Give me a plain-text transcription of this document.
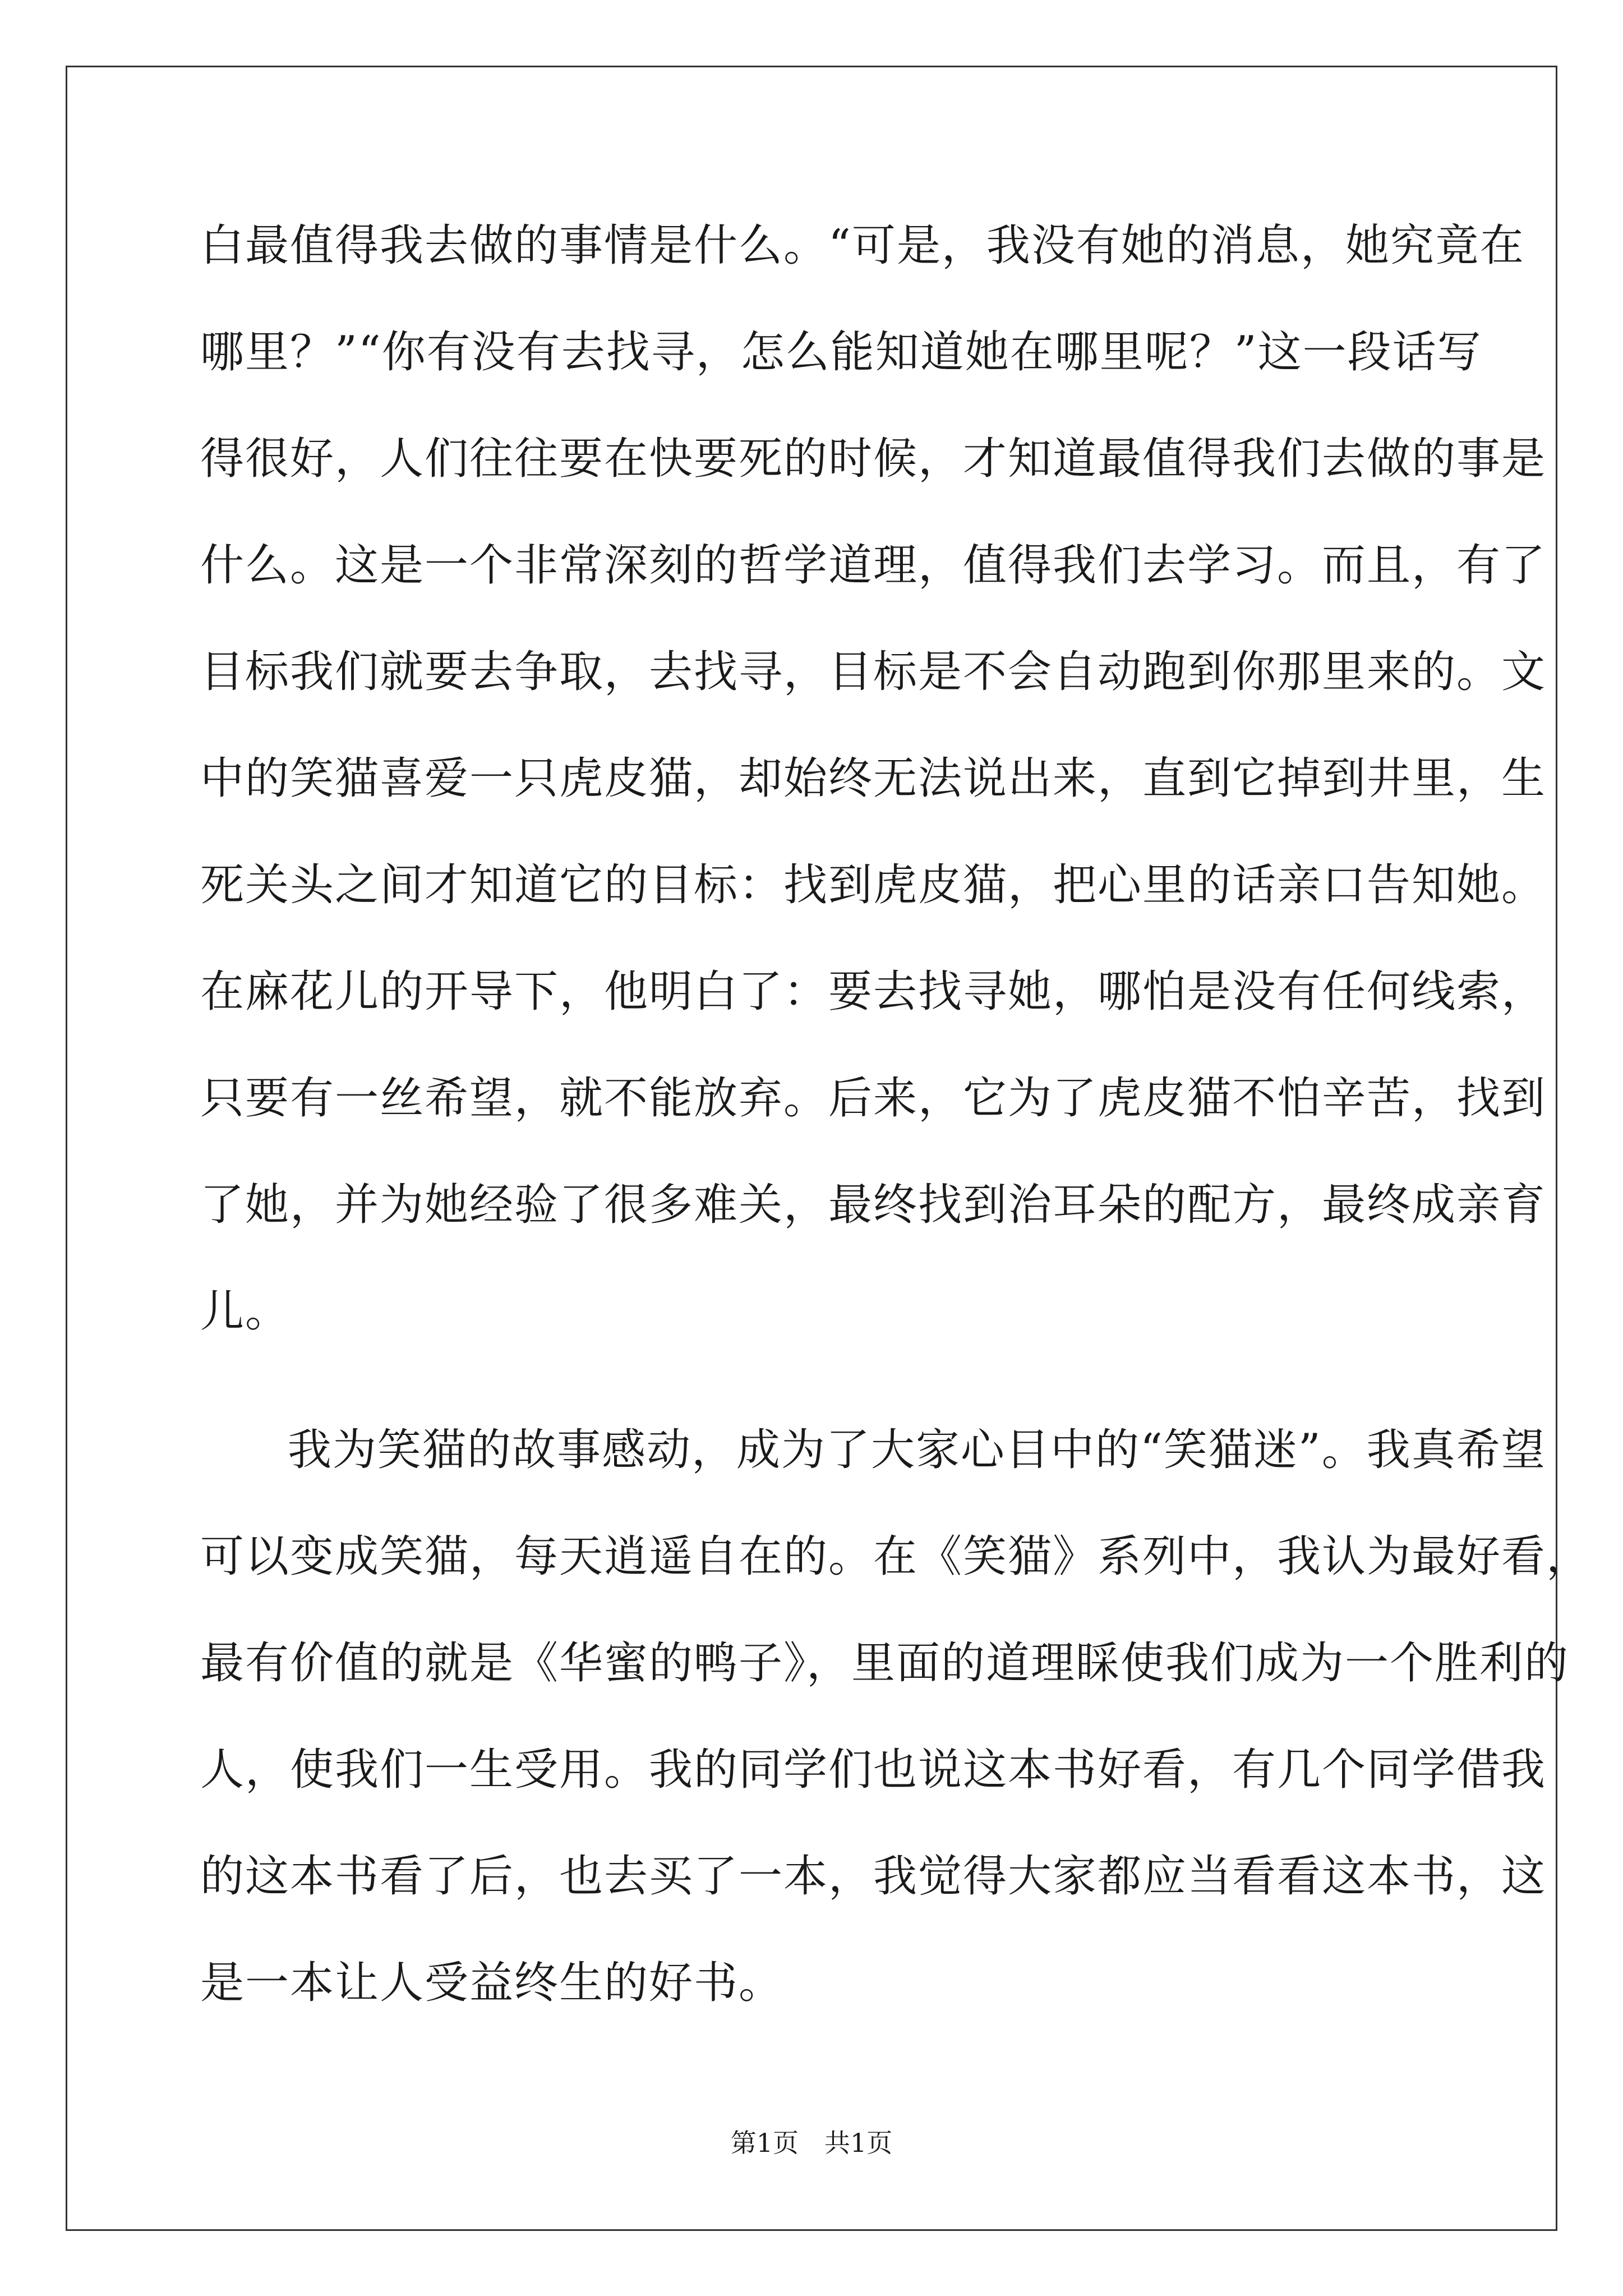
白最值得我去做的事情是什么。“可是，我没有她的消息，她究竟在
哪里？”“你有没有去找寻，怎么能知道她在哪里呢？”这一段话写
得很好，人们往往要在快要死的时候，才知道最值得我们去做的事是
什么。这是一个非常深刻的哲学道理，值得我们去学习。而且，有了
目标我们就要去争取，去找寻，目标是不会自动跑到你那里来的。文
中的笑猫喜爱一只虎皮猫，却始终无法说出来，直到它掉到井里，生
死关头之间才知道它的目标：找到虎皮猫，把心里的话亲口告知她。
在麻花儿的开导下，他明白了：要去找寻她，哪怕是没有任何线索，
只要有一丝希望，就不能放弃。后来，它为了虎皮猫不怕辛苦，找到
了她，并为她经验了很多难关，最终找到治耳朵的配方，最终成亲育
儿。
我为笑猫的故事感动，成为了大家心目中的“笑猫迷”。我真希望
可以变成笑猫，每天逍遥自在的。在《笑猫》系列中，我认为最好看，
最有价值的就是《华蜜的鸭子》，里面的道理睬使我们成为一个胜利的
人，使我们一生受用。我的同学们也说这本书好看，有几个同学借我
的这本书看了后，也去买了一本，我觉得大家都应当看看这本书，这
是一本让人受益终生的好书。
第1页 共1页
